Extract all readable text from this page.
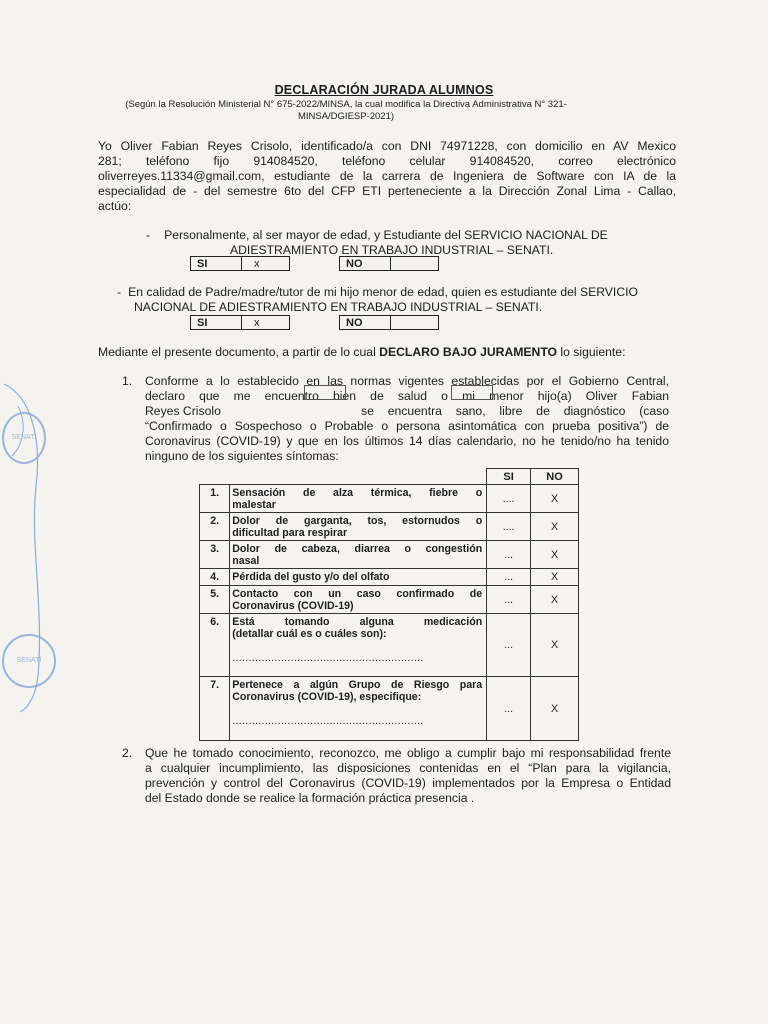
DECLARACIÓN JURADA ALUMNOS
(Según la Resolución Ministerial N° 675-2022/MINSA, la cual modifica la Directiva Administrativa N° 321-
MINSA/DGIESP-2021)
Yo Oliver Fabian Reyes Crisolo, identificado/a con DNI 74971228, con domicilio en AV Mexico
281; teléfono fijo 914084520, teléfono celular 914084520, correo electrónico
oliverreyes.11334@gmail.com, estudiante de la carrera de Ingeniera de Software con IA de la
especialidad de - del semestre 6to del CFP ETI perteneciente a la Dirección Zonal Lima - Callao,
actúo:
- Personalmente, al ser mayor de edad, y Estudiante del SERVICIO NACIONAL DE
ADIESTRAMIENTO EN TRABAJO INDUSTRIAL – SENATI.
SI	x	NO
- En calidad de Padre/madre/tutor de mi hijo menor de edad, quien es estudiante del SERVICIO
NACIONAL DE ADIESTRAMIENTO EN TRABAJO INDUSTRIAL – SENATI.
SI	x	NO
Mediante el presente documento, a partir de lo cual DECLARO BAJO JURAMENTO lo siguiente:
1. Conforme a lo establecido en las normas vigentes establecidas por el Gobierno Central,
declaro que me encuentro bien de salud o mi menor hijo(a) Oliver Fabian
Reyes Crisolo	se encuentra sano, libre de diagnóstico (caso
“Confirmado o Sospechoso o Probable o persona asintomática con prueba positiva”) de
Coronavirus (COVID-19) y que en los últimos 14 días calendario, no he tenido/no ha tenido
ninguno de los siguientes síntomas:
		SI	NO
1.	Sensación de alza térmica, fiebre o
malestar	....	X
2.	Dolor de garganta, tos, estornudos o
dificultad para respirar	....	X
3.	Dolor de cabeza, diarrea o congestión
nasal	...	X
4.	Pérdida del gusto y/o del olfato	...	X
5.	Contacto con un caso confirmado de
Coronavirus (COVID-19)	...	X
6.	Está tomando alguna medicación
(detallar cuál es o cuáles son):
...........................................................	...	X
7.	Pertenece a algún Grupo de Riesgo para
Coronavirus (COVID-19), especifique:
...........................................................	...	X
2. Que he tomado conocimiento, reconozco, me obligo a cumplir bajo mi responsabilidad frente
a cualquier incumplimiento, las disposiciones contenidas en el “Plan para la vigilancia,
prevención y control del Coronavirus (COVID-19) implementados por la Empresa o Entidad
del Estado donde se realice la formación práctica presencia .
SENATI
SENATI
